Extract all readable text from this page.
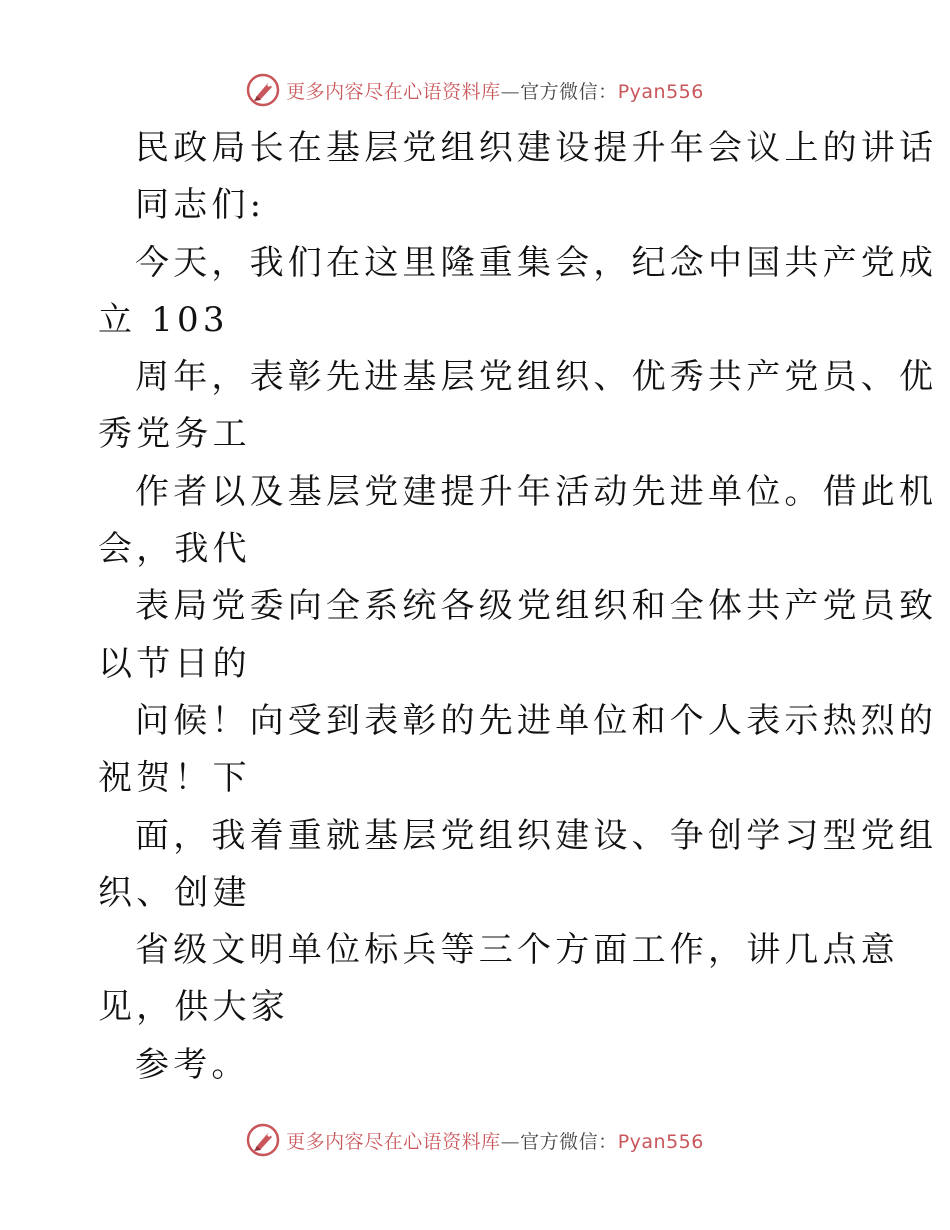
更多内容尽在心语资料库—官方微信：Pyan556
民政局长在基层党组织建设提升年会议上的讲话
同志们:
今天，我们在这里隆重集会，纪念中国共产党成
立 103
周年，表彰先进基层党组织、优秀共产党员、优
秀党务工
作者以及基层党建提升年活动先进单位。借此机
会，我代
表局党委向全系统各级党组织和全体共产党员致
以节日的
问候！向受到表彰的先进单位和个人表示热烈的
祝贺！下
面，我着重就基层党组织建设、争创学习型党组
织、创建
省级文明单位标兵等三个方面工作，讲几点意
见，供大家
参考。
更多内容尽在心语资料库—官方微信：Pyan556
